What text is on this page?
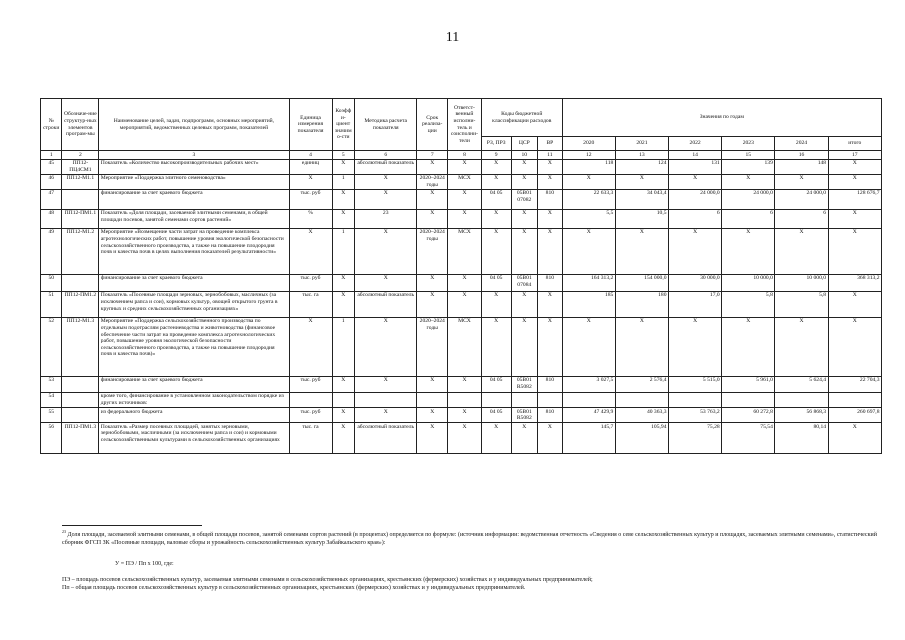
11
№ строки	Обозначе-ние структур-ных элементов програм-мы	Наименование целей, задач, подпрограмм, основных мероприятий, мероприятий, ведомственных целевых программ, показателей	Единица измерения показателя	Коэффи-циент значимо-сти	Методика расчета показателя	Срок реализа-ции	Ответст-венный исполни-тель и соисполни-тели	Коды бюджетной классификации расходов			Значения по годам					
								РЗ, ПРЗ	ЦСР	ВР	2020	2021	2022	2023	2024	итого
1	2	3	4	5	6	7	8	9	10	11	12	13	14	15	16	17
45	ПП12-ПЦ4СМ1	Показатель «Количество высокопроизводительных рабочих мест»	единиц	X	абсолютный показатель	X	X	X	X	X	118	124	131	139	148	X
46	ПП12-М1.1	Мероприятие «Поддержка элитного семеноводства»	X	1	X	2020–2024 годы	МСХ	X	X	X	X	X	X	X	X	X
47		финансирование за счет краевого бюджета	тыс. руб	X	X	X	X	04 05	05В01 07082	810	22 633,3	34 043,4	24 000,0	24 000,0	24 000,0	128 676,7
48	ПП12-ПМ1.1	Показатель «Доля площади, засеваемой элитными семенами, в общей площади посевов, занятой семенами сортов растений»	%	X	23	X	X	X	X	X	5,5	10,5	6	6	6	X
49	ПП12-М1.2	Мероприятие «Возмещение части затрат на проведение комплекса агротехнологических работ, повышение уровня экологической безопасности сельскохозяйственного производства, а также на повышение плодородия почв и качества почв в целях выполнения показателей результативности»	X	1	X	2020–2024 годы	МСХ	X	X	X	X	X	X	X	X	X
50		финансирование за счет краевого бюджета	тыс. руб	X	X	X	X	04 05	05В01 07084	810	164 313,2	154 000,0	30 000,0	10 000,0	10 000,0	368 313,2
51	ПП12-ПМ1.2	Показатель «Посевные площади зерновых, зернобобовых, масличных (за исключением рапса и сои), кормовых культур, овощей открытого грунта в крупных и средних сельскохозяйственных организациях»	тыс. га	X	абсолютный показатель	X	X	X	X	X	185	180	17,0	5,8	5,8	X
52	ПП12-М1.3	Мероприятие «Поддержка сельскохозяйственного производства по отдельным подотраслям растениеводства и животноводства (финансовое обеспечение части затрат на проведение комплекса агротехнологических работ, повышение уровня экологической безопасности сельскохозяйственного производства, а также на повышение плодородия почв и качества почв)»	X	1	X	2020–2024 годы	МСХ	X	X	X	X	X	X	X	X	X
53		финансирование за счет краевого бюджета	тыс. руб	X	X	X	X	04 05	05В01 R5082	810	3 027,5	2 576,4	5 515,0	5 961,0	5 624,4	22 704,3
54		кроме того, финансирование в установленном законодательством порядке из других источников:														
55		из федерального бюджета	тыс. руб	X	X	X	X	04 05	05В01 R5082	810	47 429,9	40 363,3	53 763,2	60 272,8	56 868,3	260 697,8
56	ПП12-ПМ1.3	Показатель «Размер посевных площадей, занятых зерновыми, зернобобовыми, масличными (за исключением рапса и сои) и кормовыми сельскохозяйственными культурами в сельскохозяйственных организациях	тыс. га	X	абсолютный показатель	X	X	X	X	X	145,7	105,94	75,28	75,54	80,14	X
$^{23}$ Доля площади, засеваемой элитными семенами, в общей площади посевов, занятой семенами сортов растений (в процентах) определяется по формуле: (источник информации: ведомственная отчетность «Сведения о севе сельскохозяйственных культур и площадях, засеваемых элитными семенами», статистический сборник ФГСП ЗК «Посевные площади, валовые сборы и урожайность сельскохозяйственных культур Забайкальского края»):
У = ПЭ / Пп х 100, где:
ПЭ – площадь посевов сельскохозяйственных культур, засеваемая элитными семенами в сельскохозяйственных организациях, крестьянских (фермерских) хозяйствах и у индивидуальных предпринимателей;
Пп – общая площадь посевов сельскохозяйственных культур в сельскохозяйственных организациях, крестьянских (фермерских) хозяйствах и у индивидуальных предпринимателей.
